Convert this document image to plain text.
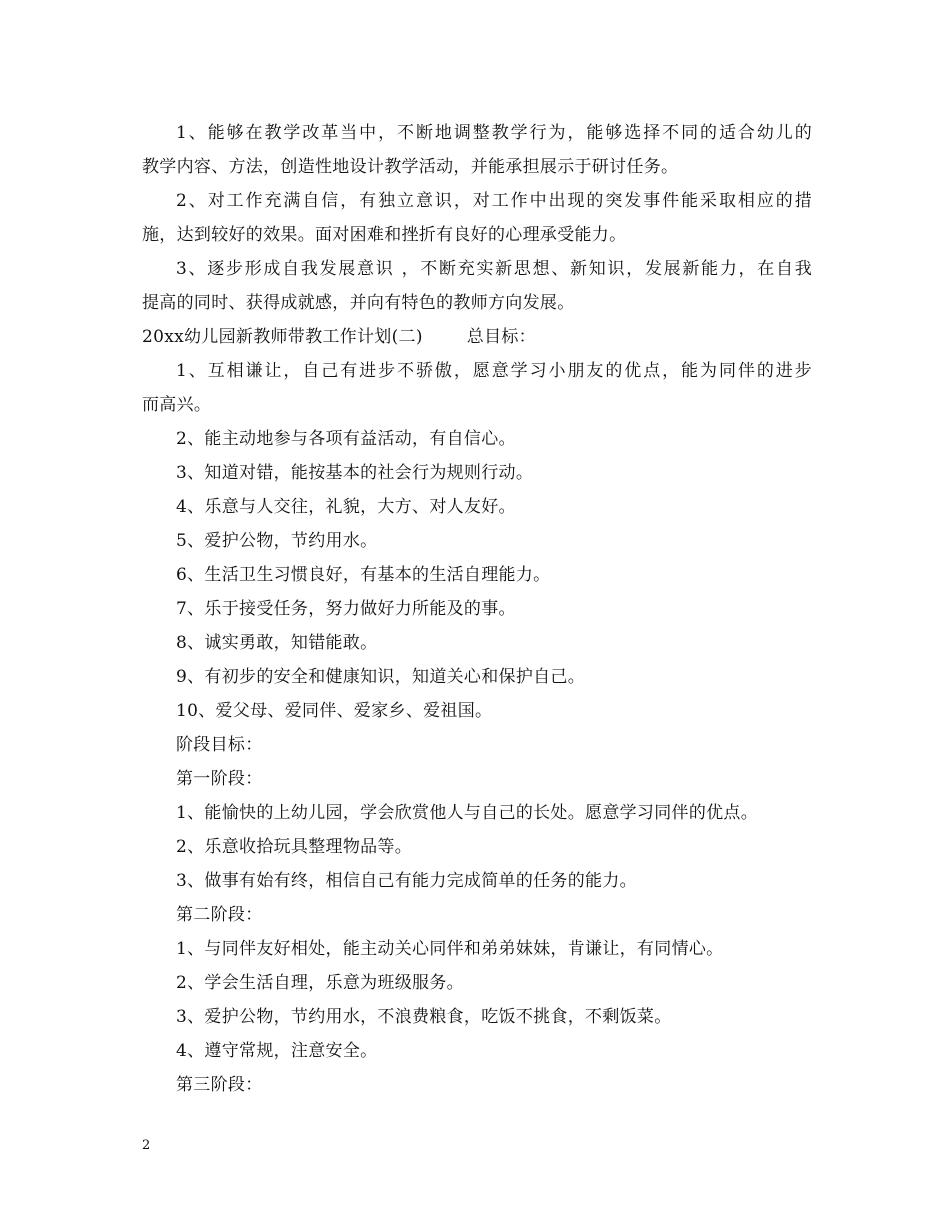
1、能够在教学改革当中，不断地调整教学行为，能够选择不同的适合幼儿的
教学内容、方法，创造性地设计教学活动，并能承担展示于研讨任务。
2、对工作充满自信，有独立意识，对工作中出现的突发事件能采取相应的措
施，达到较好的效果。面对困难和挫折有良好的心理承受能力。
3、逐步形成自我发展意识 ，不断充实新思想、新知识，发展新能力，在自我
提高的同时、获得成就感，并向有特色的教师方向发展。
20xx幼儿园新教师带教工作计划(二)	总目标：
1、互相谦让，自己有进步不骄傲，愿意学习小朋友的优点，能为同伴的进步
而高兴。
2、能主动地参与各项有益活动，有自信心。
3、知道对错，能按基本的社会行为规则行动。
4、乐意与人交往，礼貌，大方、对人友好。
5、爱护公物，节约用水。
6、生活卫生习惯良好，有基本的生活自理能力。
7、乐于接受任务，努力做好力所能及的事。
8、诚实勇敢，知错能敢。
9、有初步的安全和健康知识，知道关心和保护自己。
10、爱父母、爱同伴、爱家乡、爱祖国。
阶段目标：
第一阶段：
1、能愉快的上幼儿园，学会欣赏他人与自己的长处。愿意学习同伴的优点。
2、乐意收拾玩具整理物品等。
3、做事有始有终，相信自己有能力完成简单的任务的能力。
第二阶段：
1、与同伴友好相处，能主动关心同伴和弟弟妹妹，肯谦让，有同情心。
2、学会生活自理，乐意为班级服务。
3、爱护公物，节约用水，不浪费粮食，吃饭不挑食，不剩饭菜。
4、遵守常规，注意安全。
第三阶段：
2
